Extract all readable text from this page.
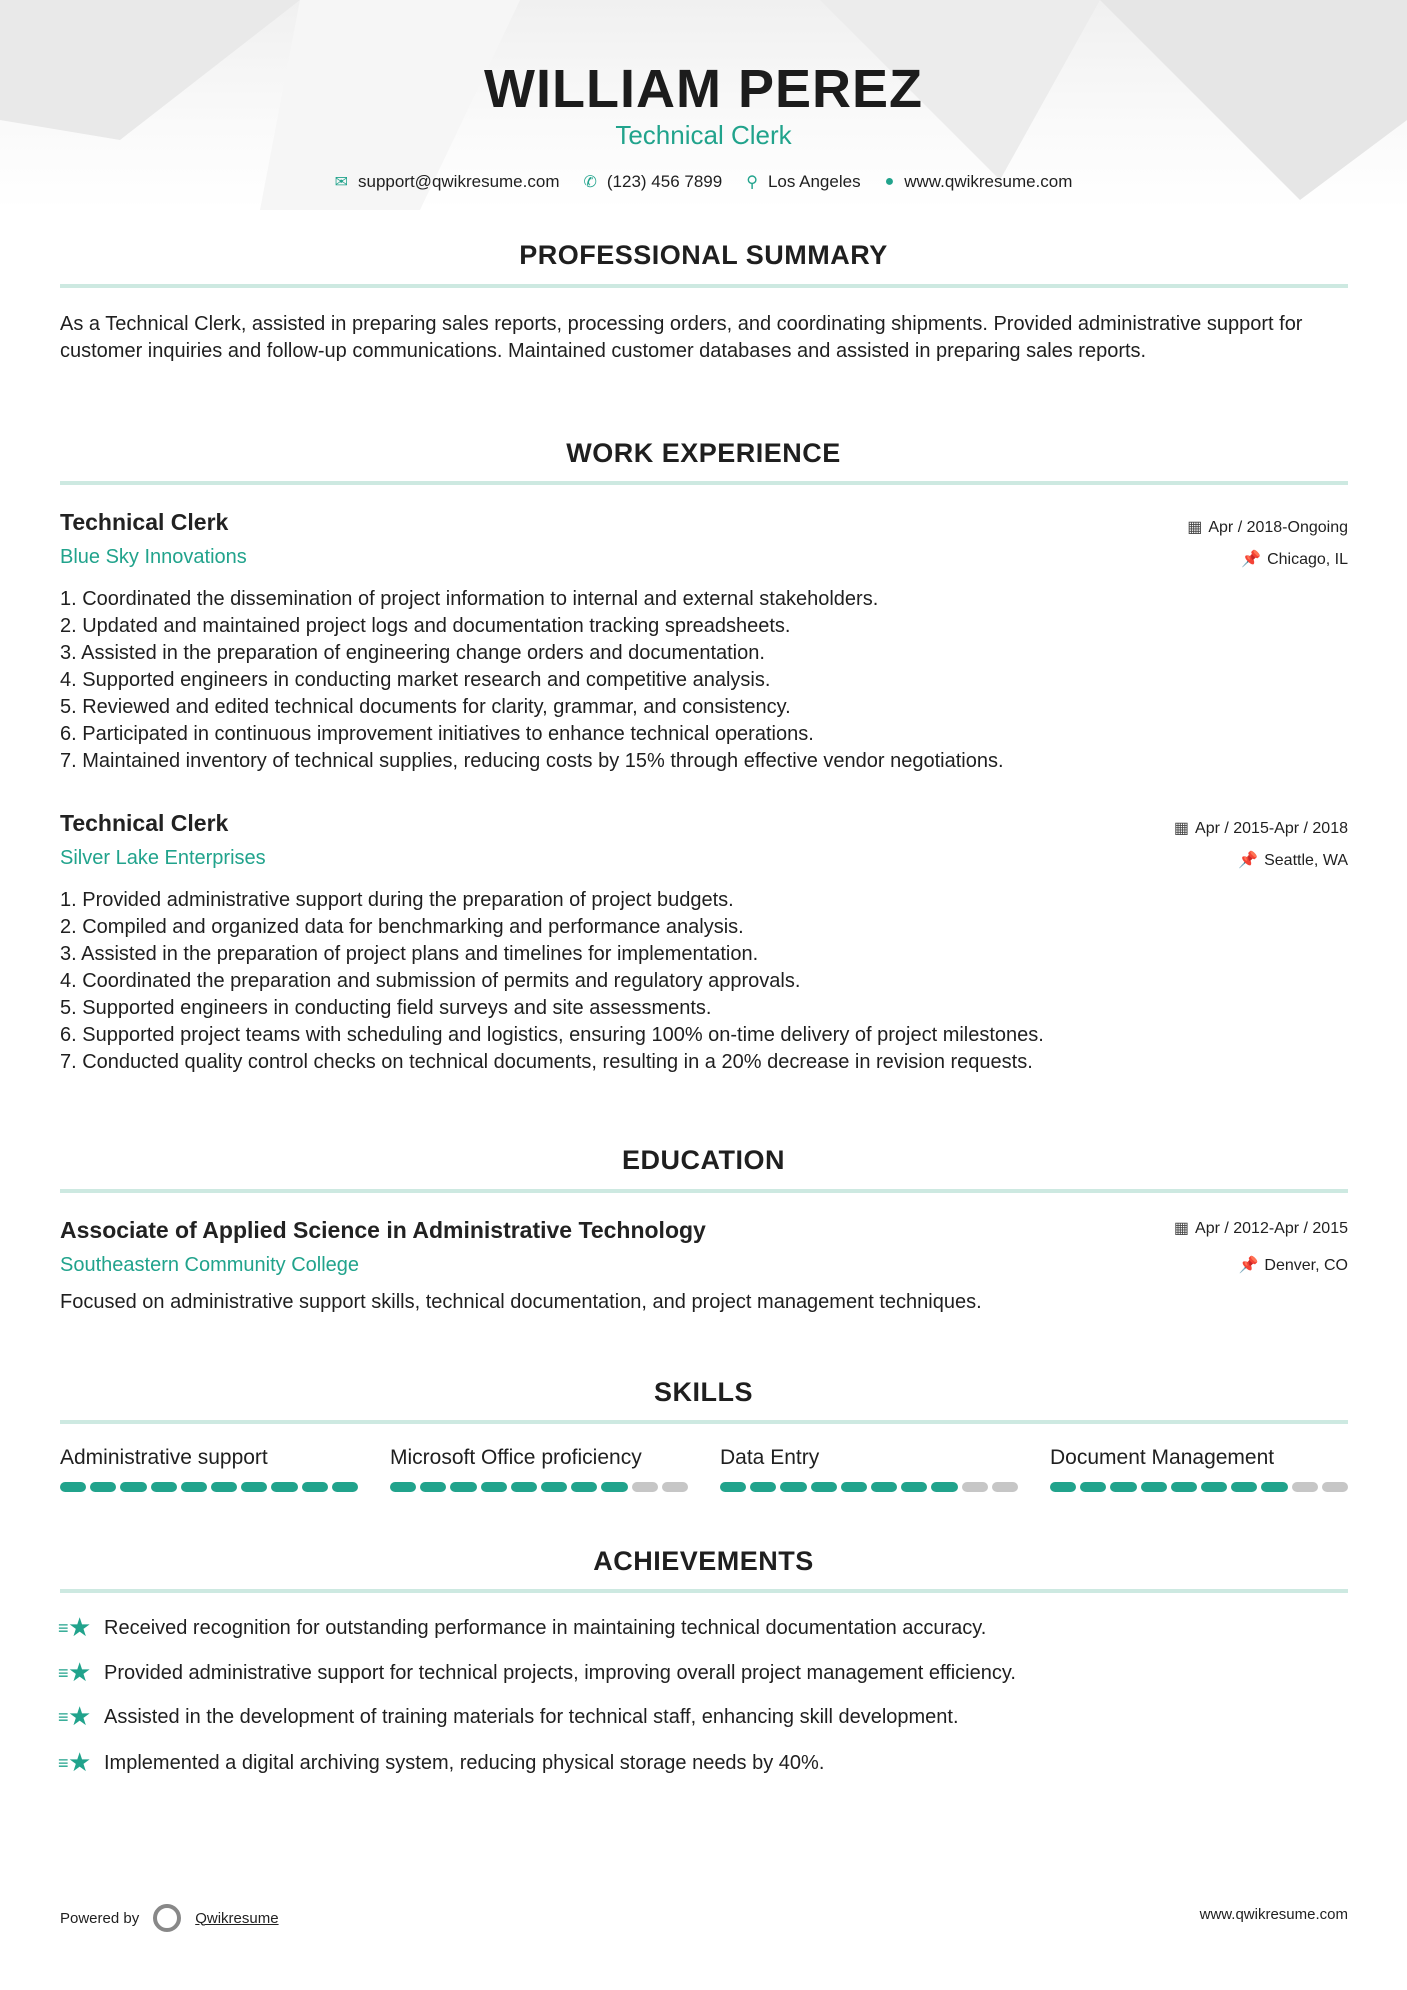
WILLIAM PEREZ
Technical Clerk
✉ support@qwikresume.com ✆ (123) 456 7899 ⚲ Los Angeles ● www.qwikresume.com
PROFESSIONAL SUMMARY
As a Technical Clerk, assisted in preparing sales reports, processing orders, and coordinating shipments. Provided administrative support for customer inquiries and follow-up communications. Maintained customer databases and assisted in preparing sales reports.
WORK EXPERIENCE
Technical Clerk
Blue Sky Innovations
▦ Apr / 2018-Ongoing
📌 Chicago, IL
1. Coordinated the dissemination of project information to internal and external stakeholders.
2. Updated and maintained project logs and documentation tracking spreadsheets.
3. Assisted in the preparation of engineering change orders and documentation.
4. Supported engineers in conducting market research and competitive analysis.
5. Reviewed and edited technical documents for clarity, grammar, and consistency.
6. Participated in continuous improvement initiatives to enhance technical operations.
7. Maintained inventory of technical supplies, reducing costs by 15% through effective vendor negotiations.
Technical Clerk
Silver Lake Enterprises
▦ Apr / 2015-Apr / 2018
📌 Seattle, WA
1. Provided administrative support during the preparation of project budgets.
2. Compiled and organized data for benchmarking and performance analysis.
3. Assisted in the preparation of project plans and timelines for implementation.
4. Coordinated the preparation and submission of permits and regulatory approvals.
5. Supported engineers in conducting field surveys and site assessments.
6. Supported project teams with scheduling and logistics, ensuring 100% on-time delivery of project milestones.
7. Conducted quality control checks on technical documents, resulting in a 20% decrease in revision requests.
EDUCATION
Associate of Applied Science in Administrative Technology
Southeastern Community College
▦ Apr / 2012-Apr / 2015
📌 Denver, CO
Focused on administrative support skills, technical documentation, and project management techniques.
SKILLS
Administrative support	Microsoft Office proficiency	Data Entry	Document Management
ACHIEVEMENTS
≡ ★ Received recognition for outstanding performance in maintaining technical documentation accuracy.
≡ ★ Provided administrative support for technical projects, improving overall project management efficiency.
≡ ★ Assisted in the development of training materials for technical staff, enhancing skill development.
≡ ★ Implemented a digital archiving system, reducing physical storage needs by 40%.
Powered by	Qwikresume	www.qwikresume.com
